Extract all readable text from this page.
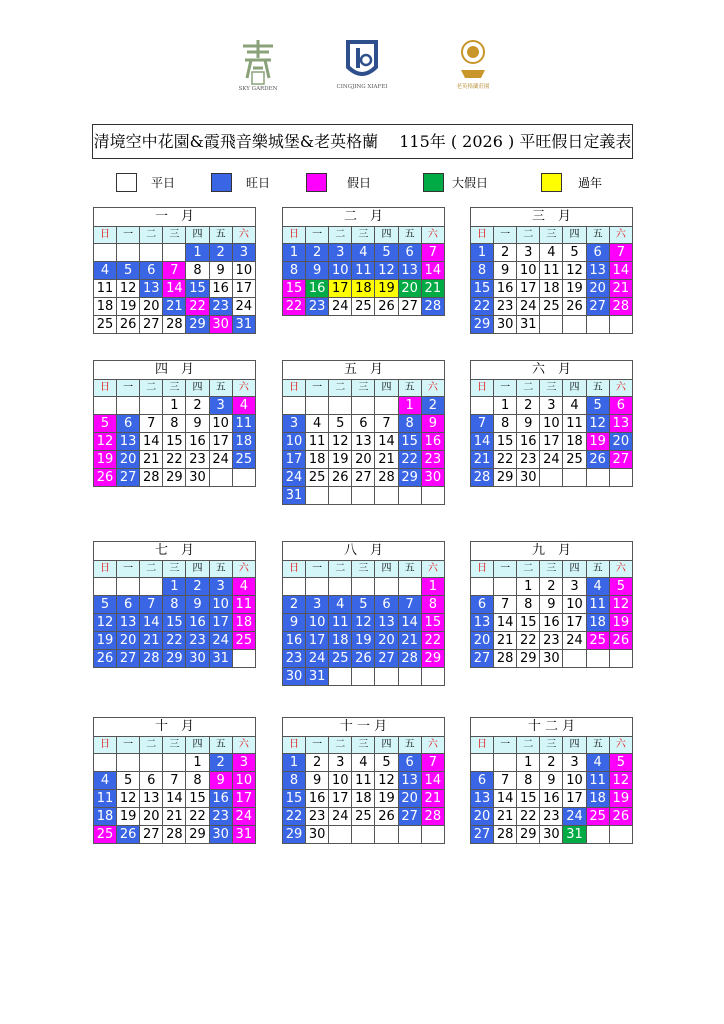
SKY GARDEN	CINGJING XIAFEI	老英格蘭莊園
清境空中花園&霞飛音樂城堡&老英格蘭　 115年 ( 2026 ) 平旺假日定義表
平日	旺日	假日	大假日	過年
一　月						
日	一	二	三	四	五	六
				1	2	3
4	5	6	7	8	9	10
11	12	13	14	15	16	17
18	19	20	21	22	23	24
25	26	27	28	29	30	31
二　月						
日	一	二	三	四	五	六
1	2	3	4	5	6	7
8	9	10	11	12	13	14
15	16	17	18	19	20	21
22	23	24	25	26	27	28
三　月						
日	一	二	三	四	五	六
1	2	3	4	5	6	7
8	9	10	11	12	13	14
15	16	17	18	19	20	21
22	23	24	25	26	27	28
29	30	31				
四　月						
日	一	二	三	四	五	六
			1	2	3	4
5	6	7	8	9	10	11
12	13	14	15	16	17	18
19	20	21	22	23	24	25
26	27	28	29	30		
五　月						
日	一	二	三	四	五	六
					1	2
3	4	5	6	7	8	9
10	11	12	13	14	15	16
17	18	19	20	21	22	23
24	25	26	27	28	29	30
31						
六　月						
日	一	二	三	四	五	六
	1	2	3	4	5	6
7	8	9	10	11	12	13
14	15	16	17	18	19	20
21	22	23	24	25	26	27
28	29	30				
七　月						
日	一	二	三	四	五	六
			1	2	3	4
5	6	7	8	9	10	11
12	13	14	15	16	17	18
19	20	21	22	23	24	25
26	27	28	29	30	31	
八　月						
日	一	二	三	四	五	六
						1
2	3	4	5	6	7	8
9	10	11	12	13	14	15
16	17	18	19	20	21	22
23	24	25	26	27	28	29
30	31					
九　月						
日	一	二	三	四	五	六
		1	2	3	4	5
6	7	8	9	10	11	12
13	14	15	16	17	18	19
20	21	22	23	24	25	26
27	28	29	30			
十　月						
日	一	二	三	四	五	六
				1	2	3
4	5	6	7	8	9	10
11	12	13	14	15	16	17
18	19	20	21	22	23	24
25	26	27	28	29	30	31
十 一 月						
日	一	二	三	四	五	六
1	2	3	4	5	6	7
8	9	10	11	12	13	14
15	16	17	18	19	20	21
22	23	24	25	26	27	28
29	30					
十 二 月						
日	一	二	三	四	五	六
		1	2	3	4	5
6	7	8	9	10	11	12
13	14	15	16	17	18	19
20	21	22	23	24	25	26
27	28	29	30	31		
